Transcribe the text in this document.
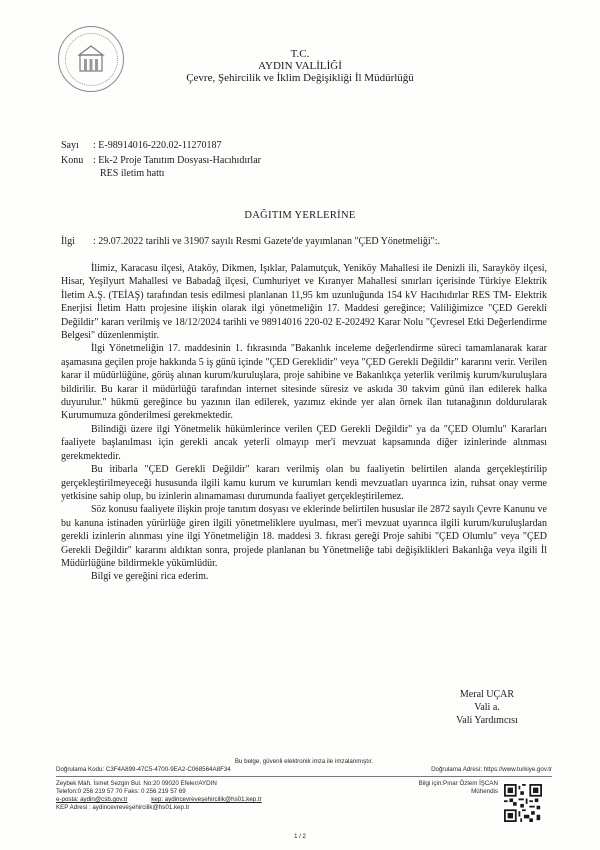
T.C.
AYDIN VALİLİĞİ
Çevre, Şehircilik ve İklim Değişikliği İl Müdürlüğü
Sayı : E-98914016-220.02-11270187
Konu : Ek-2 Proje Tanıtım Dosyası-Hacıhıdırlar
RES iletim hattı
DAĞITIM YERLERİNE
İlgi : 29.07.2022 tarihli ve 31907 sayılı Resmi Gazete'de yayımlanan "ÇED Yönetmeliği":.

İlimiz, Karacasu ilçesi, Ataköy, Dikmen, Işıklar, Palamutçuk, Yeniköy Mahallesi ile Denizli ili, Sarayköy ilçesi, Hisar, Yeşilyurt Mahallesi ve Babadağ ilçesi, Cumhuriyet ve Kıranyer Mahallesi sınırları içerisinde Türkiye Elektrik İletim A.Ş. (TEİAŞ) tarafından tesis edilmesi planlanan 11,95 km uzunluğunda 154 kV Hacıhıdırlar RES TM- Elektrik Enerjisi İletim Hattı projesine ilişkin olarak ilgi yönetmeliğin 17. Maddesi gereğince; Valiliğimizce "ÇED Gerekli Değildir" kararı verilmiş ve 18/12/2024 tarihli ve 98914016 220-02 E-202492 Karar Nolu "Çevresel Etki Değerlendirme Belgesi" düzenlenmiştir.

İlgi Yönetmeliğin 17. maddesinin 1. fıkrasında "Bakanlık inceleme değerlendirme süreci tamamlanarak karar aşamasına geçilen proje hakkında 5 iş günü içinde "ÇED Gereklidir" veya "ÇED Gerekli Değildir" kararını verir. Verilen karar il müdürlüğüne, görüş alınan kurum/kuruluşlara, proje sahibine ve Bakanlıkça yeterlik verilmiş kurum/kuruluşlara bildirilir. Bu karar il müdürlüğü tarafından internet sitesinde süresiz ve askıda 30 takvim günü ilan edilerek halka duyurulur." hükmü gereğince bu yazının ilan edilerek, yazımız ekinde yer alan örnek ilan tutanağının doldurularak Kurumumuza gönderilmesi gerekmektedir.

Bilindiği üzere ilgi Yönetmelik hükümlerince verilen ÇED Gerekli Değildir" ya da "ÇED Olumlu" Kararları faaliyete başlanılması için gerekli ancak yeterli olmayıp mer'i mevzuat kapsamında diğer izinlerinde alınması gerekmektedir.

Bu itibarla "ÇED Gerekli Değildir" kararı verilmiş olan bu faaliyetin belirtilen alanda gerçekleştirilip gerçekleştirilmeyeceği hususunda ilgili kamu kurum ve kurumları kendi mevzuatları uyarınca izin, ruhsat onay verme yetkisine sahip olup, bu izinlerin alınamaması durumunda faaliyet gerçekleştirilemez.

Söz konusu faaliyete ilişkin proje tanıtım dosyası ve eklerinde belirtilen hususlar ile 2872 sayılı Çevre Kanunu ve bu kanuna istinaden yürürlüğe giren ilgili yönetmeliklere uyulması, mer'i mevzuat uyarınca ilgili kurum/kuruluşlardan gerekli izinlerin alınması yine ilgi Yönetmeliğin 18. maddesi 3. fıkrası gereği Proje sahibi "ÇED Olumlu" veya "ÇED Gerekli Değildir" kararını aldıktan sonra, projede planlanan bu Yönetmeliğe tabi değişiklikleri Bakanlığa veya ilgili İl Müdürlüğüne bildirmekle yükümlüdür.

Bilgi ve gereğini rica ederim.

Meral UÇAR
Vali a.
Vali Yardımcısı
Bu belge, güvenli elektronik imza ile imzalanmıştır.
Doğrulama Kodu: C3F4A899-47C5-4700-9EA2-C068564A8F34	Doğrulama Adresi: https://www.turkiye.gov.tr
Zeybek Mah. İsmet Sezgin Bul. No:20 09020 Efeler/AYDIN
Telefon:0 256 219 57 70 Faks: 0 256 219 57 69
e-posta: aydin@csb.gov.tr	kep: aydincevreveşehircilik@hs01.kep.tr
KEP Adresi : aydincevreveşehircilik@hs01.kep.tr
Bilgi için:Pınar Özlem İŞCAN
Mühendis
1 / 2
